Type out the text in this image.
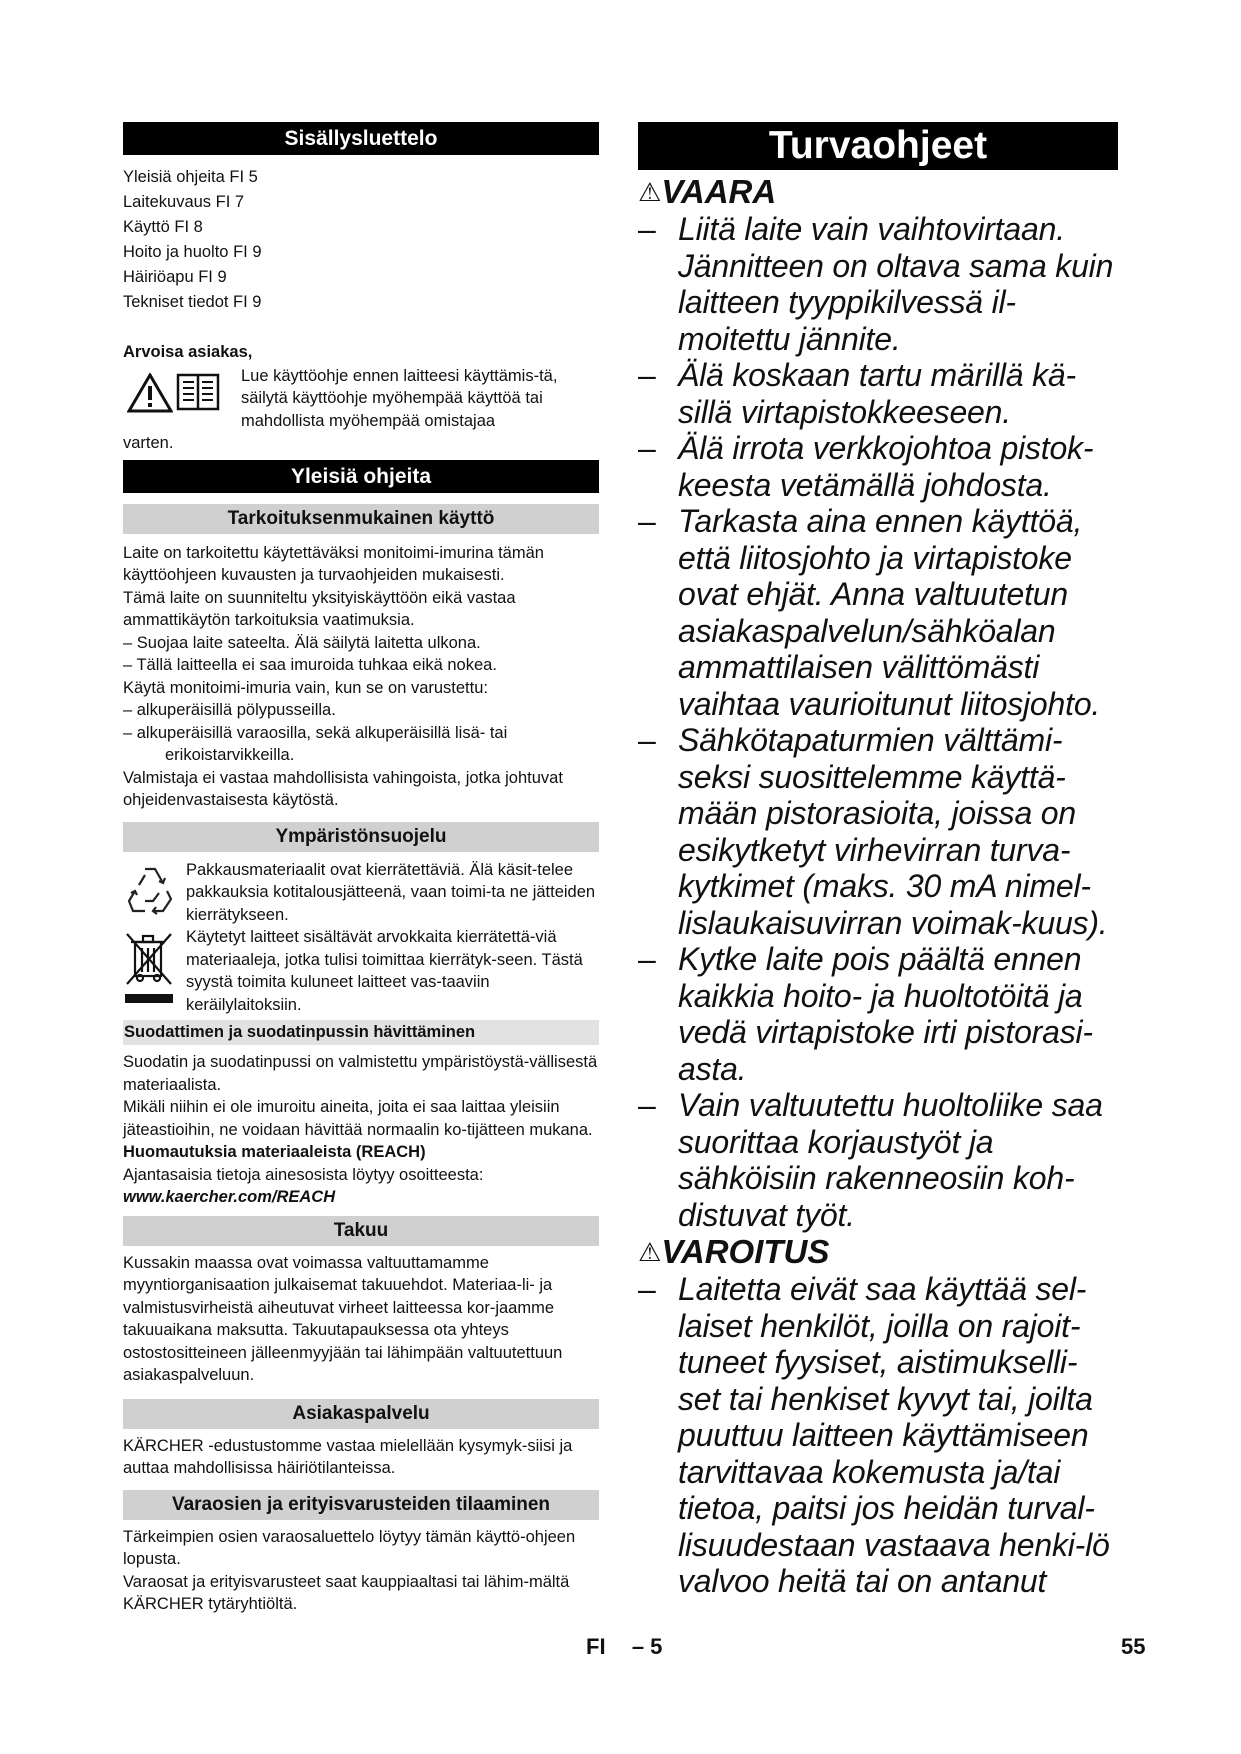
Sisällysluettelo
Yleisiä ohjeita FI 5
Laitekuvaus FI 7
Käyttö FI 8
Hoito ja huolto FI 9
Häiriöapu FI 9
Tekniset tiedot FI 9

Arvoisa asiakas,

Lue käyttöohje ennen laitteesi käyttämis-tä, säilytä käyttöohje myöhempää käyttöä tai mahdollista myöhempää omistajaa

varten.

Yleisiä ohjeita
Tarkoituksenmukainen käyttö

Laite on tarkoitettu käytettäväksi monitoimi-imurina tämän käyttöohjeen kuvausten ja turvaohjeiden mukaisesti.

Tämä laite on suunniteltu yksityiskäyttöön eikä vastaa ammattikäytön tarkoituksia vaatimuksia.

– Suojaa laite sateelta. Älä säilytä laitetta ulkona.

– Tällä laitteella ei saa imuroida tuhkaa eikä nokea.

Käytä monitoimi-imuria vain, kun se on varustettu:

– alkuperäisillä pölypusseilla.

– alkuperäisillä varaosilla, sekä alkuperäisillä lisä- tai

erikoistarvikkeilla.

Valmistaja ei vastaa mahdollisista vahingoista, jotka johtuvat ohjeidenvastaisesta käytöstä.

Ympäristönsuojelu

Pakkausmateriaalit ovat kierrätettäviä. Älä käsit-telee pakkauksia kotitalousjätteenä, vaan toimi-ta ne jätteiden kierrätykseen.

Käytetyt laitteet sisältävät arvokkaita kierrätettä-viä materiaaleja, jotka tulisi toimittaa kierrätyk-seen. Tästä syystä toimita kuluneet laitteet vas-taaviin keräilylaitoksiin.

Suodattimen ja suodatinpussin hävittäminen

Suodatin ja suodatinpussi on valmistettu ympäristöystä-vällisestä materiaalista.

Mikäli niihin ei ole imuroitu aineita, joita ei saa laittaa yleisiin jäteastioihin, ne voidaan hävittää normaalin ko-tijätteen mukana.

Huomautuksia materiaaleista (REACH)

Ajantasaisia tietoja ainesosista löytyy osoitteesta:

www.kaercher.com/REACH

Takuu

Kussakin maassa ovat voimassa valtuuttamamme myyntiorganisaation julkaisemat takuuehdot. Materiaa-li- ja valmistusvirheistä aiheutuvat virheet laitteessa kor-jaamme takuuaikana maksutta. Takuutapauksessa ota yhteys ostostositteineen jälleenmyyjään tai lähimpään valtuutettuun asiakaspalveluun.

Asiakaspalvelu

KÄRCHER -edustustomme vastaa mielellään kysymyk-siisi ja auttaa mahdollisissa häiriötilanteissa.

Varaosien ja erityisvarusteiden tilaaminen

Tärkeimpien osien varaosaluettelo löytyy tämän käyttö-ohjeen lopusta.

Varaosat ja erityisvarusteet saat kauppiaaltasi tai lähim-mältä KÄRCHER tytäryhtiöltä.

Turvaohjeet

⚠VAARA

– Liitä laite vain vaihtovirtaan. Jännitteen on oltava sama kuin laitteen tyyppikilvessä il-moitettu jännite.
– Älä koskaan tartu märillä kä-sillä virtapistokkeeseen.
– Älä irrota verkkojohtoa pistok-keesta vetämällä johdosta.
– Tarkasta aina ennen käyttöä, että liitosjohto ja virtapistoke ovat ehjät. Anna valtuutetun asiakaspalvelun/sähköalan ammattilaisen välittömästi vaihtaa vaurioitunut liitosjohto.
– Sähkötapaturmien välttämi-seksi suosittelemme käyttä-mään pistorasioita, joissa on esikytketyt virhevirran turva-kytkimet (maks. 30 mA nimel-lislaukaisuvirran voimak-kuus).
– Kytke laite pois päältä ennen kaikkia hoito- ja huoltotöitä ja vedä virtapistoke irti pistorasi-asta.
– Vain valtuutettu huoltoliike saa suorittaa korjaustyöt ja sähköisiin rakenneosiin koh-distuvat työt.

⚠VAROITUS

– Laitetta eivät saa käyttää sel-laiset henkilöt, joilla on rajoit-tuneet fyysiset, aistimukselli-set tai henkiset kyvyt tai, joilta puuttuu laitteen käyttämiseen tarvittavaa kokemusta ja/tai tietoa, paitsi jos heidän turval-lisuudestaan vastaava henki-lö valvoo heitä tai on antanut
FI – 5	55
